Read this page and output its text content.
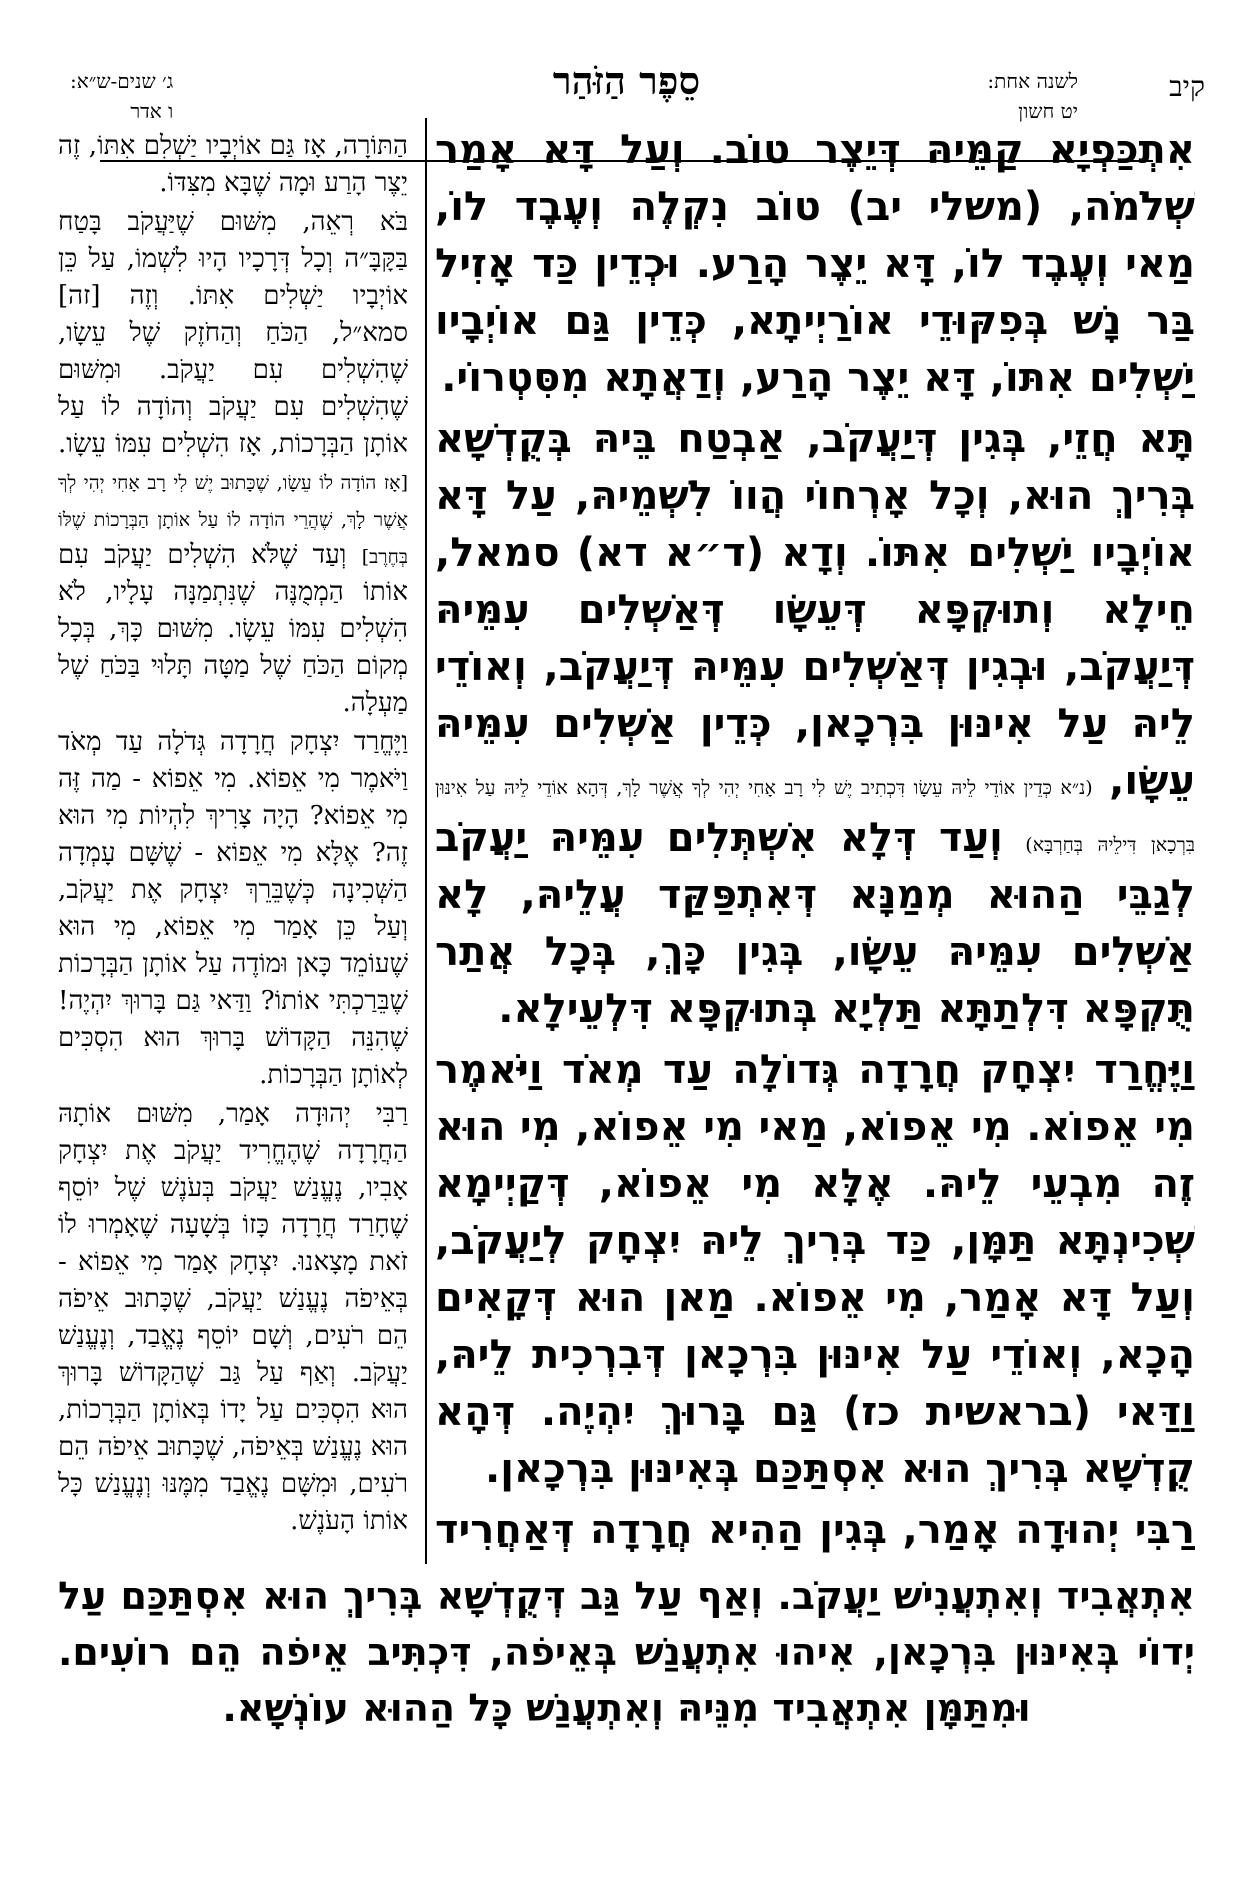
קיב
לשנה אחת:
יט חשון
סֵפֶר הַזֹּהַר
ג׳ שנים-ש״א:
ו אדר

אִתְכַּפְיָא קַמֵּיהּ דְּיֵצֶר טוֹב. וְעַל דָּא אָמַר שְׁלֹמֹה, (משלי יב) טוֹב נִקְלֶה וְעֶבֶד לוֹ, מַאי וְעֶבֶד לוֹ, דָּא יֵצֶר הָרַע. וּכְדֵין כַּד אָזִיל בַּר נָשׁ בְּפִקּוּדֵי אוֹרַיְיתָא, כְּדֵין גַּם אוֹיְבָיו יַשְׁלִים אִתּוֹ, דָּא יֵצֶר הָרַע, וְדַאֲתָא מִסִּטְרוֹי.

תָּא חֲזֵי, בְּגִין דְּיַעֲקֹב, אַבְטַח בֵּיהּ בְּקֻדְשָׁא בְּרִיךְ הוּא, וְכָל אָרְחוֹי הֲווֹ לִשְׁמֵיהּ, עַל דָּא אוֹיְבָיו יַשְׁלִים אִתּוֹ. וְדָא (ד״א דא) סמאל, חֵילָא וְתוּקְפָּא דְּעֵשָׂו דְּאַשְׁלִים עִמֵּיהּ דְּיַעֲקֹב, וּבְגִין דְּאַשְׁלִים עִמֵּיהּ דְּיַעֲקֹב, וְאוֹדֵי לֵיהּ עַל אִינּוּן בִּרְכָאן, כְּדֵין אַשְׁלִים עִמֵּיהּ עֵשָׂו, (נ״א כְּדֵין אוֹדֵי לֵיהּ עֵשָׂו דִּכְתִיב יֶשׁ לִי רָב אָחִי יְהִי לְךָ אֲשֶׁר לָךְ, דְּהָא אוֹדֵי לֵיהּ עַל אִינּוּן בִּרְכָאן דִּילֵיהּ בְּחַרְבָּא) וְעַד דְּלָא אִשְׁתְּלִים עִמֵּיהּ יַעֲקֹב לְגַבֵּי הַהוּא מְמַנָּא דְּאִתְפַּקַּד עֲלֵיהּ, לָא אַשְׁלִים עִמֵּיהּ עֵשָׂו, בְּגִין כָּךְ, בְּכָל אֲתַר תֻּקְפָּא דִּלְתַתָּא תַּלְיָא בְּתוּקְפָּא דִּלְעֵילָא.

וַיֶּחֱרַד יִצְחָק חֲרָדָה גְּדוֹלָה עַד מְאֹד וַיֹּאמֶר מִי אֵפוֹא. מִי אֵפוֹא, מַאי מִי אֵפוֹא, מִי הוּא זֶה מִבְעֵי לֵיהּ. אֶלָּא מִי אֵפוֹא, דְּקַיְימָא שְׁכִינְתָּא תַּמָּן, כַּד בְּרִיךְ לֵיהּ יִצְחָק לְיַעֲקֹב, וְעַל דָּא אָמַר, מִי אֵפוֹא. מַאן הוּא דְּקָאִים הָכָא, וְאוֹדֵי עַל אִינּוּן בִּרְכָאן דְּבִרְכִית לֵיהּ, וַדַּאי (בראשית כז) גַּם בָּרוּךְ יִהְיֶה. דְּהָא קֻדְשָׁא בְּרִיךְ הוּא אִסְתַּכַּם בְּאִינּוּן בִּרְכָאן.

רַבִּי יְהוּדָה אָמַר, בְּגִין הַהִיא חֲרָדָה דְּאַחֲרִיד

הַתּוֹרָה, אָז גַּם אוֹיְבָיו יַשְׁלִם אִתּוֹ, זֶה יֵצֶר הָרַע וּמָה שֶׁבָּא מִצִּדּוֹ.

בֹּא רְאֵה, מִשּׁוּם שֶׁיַּעֲקֹב בָּטַח בַּקָּבָּ״ה וְכָל דְּרָכָיו הָיוּ לִשְׁמוֹ, עַל כֵּן אוֹיְבָיו יַשְׁלִים אִתּוֹ. וְזֶה [זה] סמא״ל, הַכֹּחַ וְהַחֹזֶק שֶׁל עֵשָׂו, שֶׁהִשְׁלִים עִם יַעֲקֹב. וּמִשּׁוּם שֶׁהִשְׁלִים עִם יַעֲקֹב וְהוֹדָה לוֹ עַל אוֹתָן הַבְּרָכוֹת, אָז הִשְׁלִים עִמּוֹ עֵשָׂו. [אָז הוֹדָה לוֹ עֵשָׂו, שֶׁכָּתוּב יֶשׁ לִי רָב אָחִי יְהִי לְךָ אֲשֶׁר לָךְ, שֶׁהֲרֵי הוֹדָה לוֹ עַל אוֹתָן הַבְּרָכוֹת שֶׁלּוֹ בְּחֶרֶב] וְעַד שֶׁלֹּא הִשְׁלִים יַעֲקֹב עִם אוֹתוֹ הַמְמֻנֶּה שֶׁנִּתְמַנָּה עָלָיו, לֹא הִשְׁלִים עִמּוֹ עֵשָׂו. מִשּׁוּם כָּךְ, בְּכָל מְקוֹם הַכֹּחַ שֶׁל מַטָּה תָּלוּי בַּכֹּחַ שֶׁל מַעְלָה.

וַיֶּחֱרַד יִצְחָק חֲרָדָה גְּדֹלָה עַד מְאֹד וַיֹּאמֶר מִי אֵפוֹא. מִי אֵפוֹא - מַה זֶּה מִי אֵפוֹא? הָיָה צָרִיךְ לִהְיוֹת מִי הוּא זֶה? אֶלָּא מִי אֵפוֹא - שֶׁשָּׁם עָמְדָה הַשְּׁכִינָה כְּשֶׁבֵּרֵךְ יִצְחָק אֶת יַעֲקֹב, וְעַל כֵּן אָמַר מִי אֵפוֹא, מִי הוּא שֶׁעוֹמֵד כָּאן וּמוֹדֶה עַל אוֹתָן הַבְּרָכוֹת שֶׁבֵּרַכְתִּי אוֹתוֹ? וַדַּאי גַּם בָּרוּךְ יִהְיֶה! שֶׁהִנֵּה הַקָּדוֹשׁ בָּרוּךְ הוּא הִסְכִּים לְאוֹתָן הַבְּרָכוֹת.

רַבִּי יְהוּדָה אָמַר, מִשּׁוּם אוֹתָהּ הַחֲרָדָה שֶׁהֶחֱרִיד יַעֲקֹב אֶת יִצְחָק אָבִיו, נֶעֱנַשׁ יַעֲקֹב בְּעֹנֶשׁ שֶׁל יוֹסֵף שֶׁחָרַד חֲרָדָה כָּזוֹ בְּשָׁעָה שֶׁאָמְרוּ לוֹ זֹאת מָצָאנוּ. יִצְחָק אָמַר מִי אֵפוֹא - בְּאֵיפֹה נֶעֱנַשׁ יַעֲקֹב, שֶׁכָּתוּב אֵיפֹה הֵם רֹעִים, וְשָׁם יוֹסֵף נֶאֱבַד, וְנֶעֱנַשׁ יַעֲקֹב. וְאַף עַל גַּב שֶׁהַקָּדוֹשׁ בָּרוּךְ הוּא הִסְכִּים עַל יָדוֹ בְּאוֹתָן הַבְּרָכוֹת, הוּא נֶעֱנַשׁ בְּאֵיפֹה, שֶׁכָּתוּב אֵיפֹה הֵם רֹעִים, וּמִשָּׁם נֶאֱבַד מִמֶּנּוּ וְנֶעֱנַשׁ כָּל אוֹתוֹ הָעֹנֶשׁ.

אִתְאֲבִיד וְאִתְעֲנִישׁ יַעֲקֹב. וְאַף עַל גַּב דְּקֻדְשָׁא בְּרִיךְ הוּא אִסְתַּכַּם עַל יְדוֹי בְּאִינּוּן בִּרְכָאן, אִיהוּ אִתְעֲנַשׁ בְּאֵיפֹה, דִּכְתִּיב אֵיפֹה הֵם רוֹעִים. וּמִתַּמָּן אִתְאֲבִיד מִנֵּיהּ וְאִתְעֲנַשׁ כָּל הַהוּא עוֹנְשָׁא.
